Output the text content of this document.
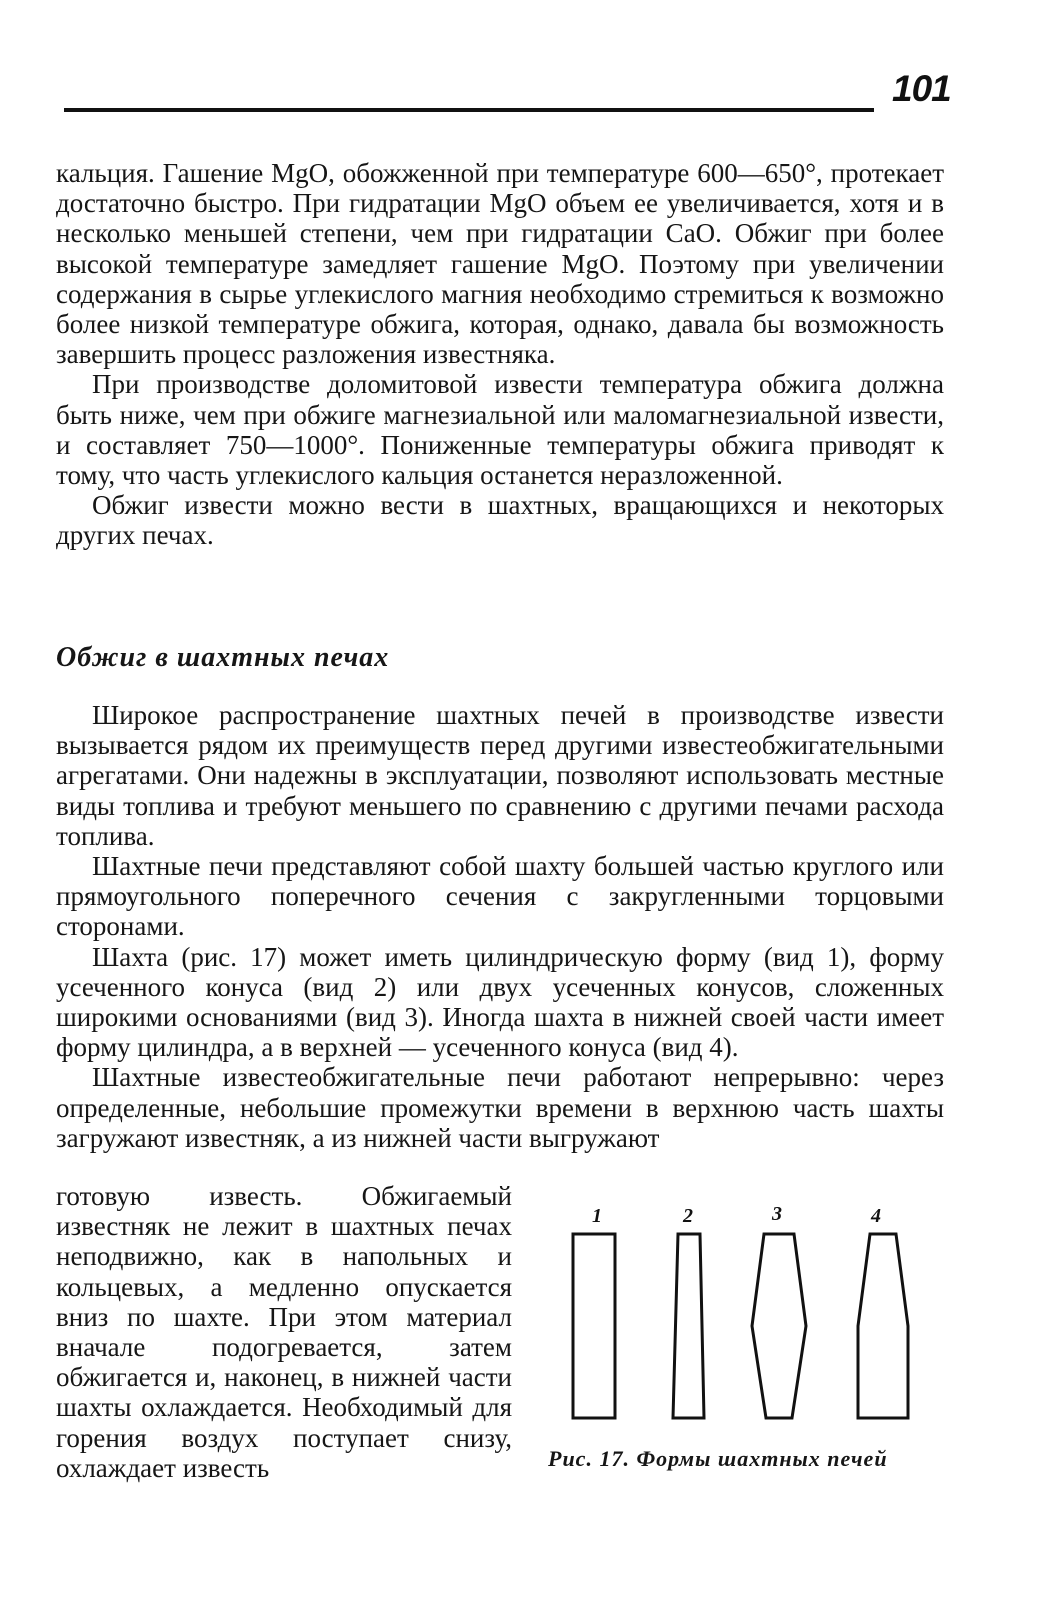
101

кальция. Гашение MgO, обожженной при температуре 600—650°, протекает достаточно быстро. При гидратации MgO объем ее увеличивается, хотя и в несколько меньшей степени, чем при гидратации CaO. Обжиг при более высокой температуре замедляет гашение MgO. Поэтому при увеличении содержания в сырье углекислого магния необходимо стремиться к возможно более низкой температуре обжига, которая, однако, давала бы возможность завершить процесс разложения известняка.

При производстве доломитовой извести температура обжига должна быть ниже, чем при обжиге магнезиальной или маломагнезиальной извести, и составляет 750—1000°. Пониженные температуры обжига приводят к тому, что часть углекислого кальция останется неразложенной.

Обжиг извести можно вести в шахтных, вращающихся и некоторых других печах.

Обжиг в шахтных печах

Широкое распространение шахтных печей в производстве извести вызывается рядом их преимуществ перед другими известеобжигательными агрегатами. Они надежны в эксплуатации, позволяют использовать местные виды топлива и требуют меньшего по сравнению с другими печами расхода топлива.

Шахтные печи представляют собой шахту большей частью круглого или прямоугольного поперечного сечения с закругленными торцовыми сторонами.

Шахта (рис. 17) может иметь цилиндрическую форму (вид 1), форму усеченного конуса (вид 2) или двух усеченных конусов, сложенных широкими основаниями (вид 3). Иногда шахта в нижней своей части имеет форму цилиндра, а в верхней — усеченного конуса (вид 4).

Шахтные известеобжигательные печи работают непрерывно: через определенные, небольшие промежутки времени в верхнюю часть шахты загружают известняк, а из нижней части выгружают

готовую известь. Обжигаемый известняк не лежит в шахтных печах неподвижно, как в напольных и кольцевых, а медленно опускается вниз по шахте. При этом материал вначале подогревается, затем обжигается и, наконец, в нижней части шахты охлаждается. Необходимый для горения воздух поступает снизу, охлаждает известь

1	2	3	4
Рис. 17. Формы шахтных печей
